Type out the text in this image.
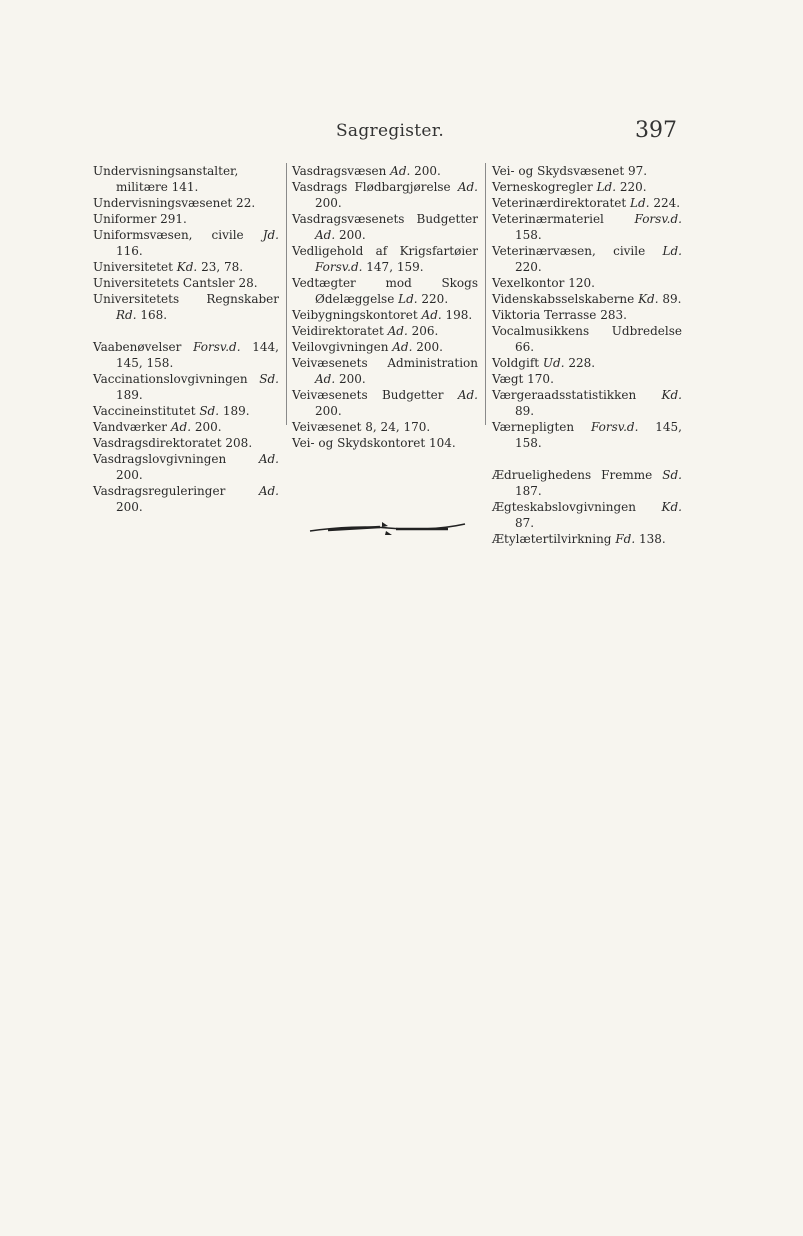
Sagregister.	397
Undervisningsanstalter, militære 141.
Undervisningsvæsenet 22.
Uniformer 291.
Uniformsvæsen, civile Jd. 116.
Universitetet Kd. 23, 78.
Universitetets Cantsler 28.
Universitetets Regnskaber Rd. 168.
Vaabenøvelser Forsv.d. 144, 145, 158.
Vaccinationslovgivningen Sd. 189.
Vaccineinstitutet Sd. 189.
Vandværker Ad. 200.
Vasdragsdirektoratet 208.
Vasdragslovgivningen Ad. 200.
Vasdragsreguleringer Ad. 200.
Vasdragsvæsen Ad. 200.
Vasdrags Flødbargjørelse Ad. 200.
Vasdragsvæsenets Budgetter Ad. 200.
Vedligehold af Krigsfartøier Forsv.d. 147, 159.
Vedtægter mod Skogs Ødelæggelse Ld. 220.
Veibygningskontoret Ad. 198.
Veidirektoratet Ad. 206.
Veilovgivningen Ad. 200.
Veivæsenets Administration Ad. 200.
Veivæsenets Budgetter Ad. 200.
Veivæsenet 8, 24, 170.
Vei- og Skydskontoret 104.
Vei- og Skydsvæsenet 97.
Verneskogregler Ld. 220.
Veterinærdirektoratet Ld. 224.
Veterinærmateriel Forsv.d. 158.
Veterinærvæsen, civile Ld. 220.
Vexelkontor 120.
Videnskabsselskaberne Kd. 89.
Viktoria Terrasse 283.
Vocalmusikkens Udbredelse 66.
Voldgift Ud. 228.
Vægt 170.
Værgeraadsstatistikken Kd. 89.
Værnepligten Forsv.d. 145, 158.
Ædruelighedens Fremme Sd. 187.
Ægteskabslovgivningen Kd. 87.
Ætylætertilvirkning Fd. 138.
